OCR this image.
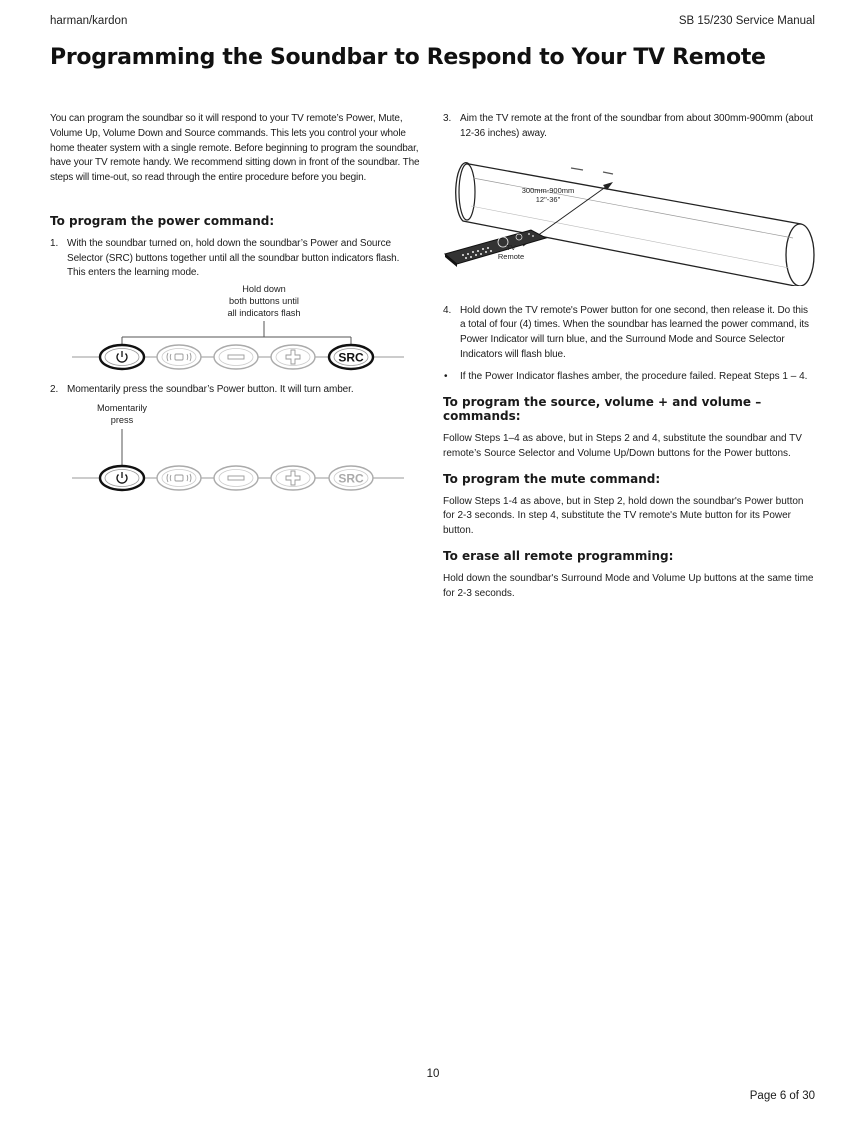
harman/kardon	SB 15/230 Service Manual
Programming the Soundbar to Respond to Your TV Remote

You can program the soundbar so it will respond to your TV remote’s Power, Mute, Volume Up, Volume Down and Source commands. This lets you control your whole home theater system with a single remote. Before beginning to program the soundbar, have your TV remote handy. We recommend sitting down in front of the soundbar. The steps will time-out, so read through the entire procedure before you begin.

To program the power command:
1. With the soundbar turned on, hold down the soundbar’s Power and Source Selector (SRC) buttons together until all the soundbar button indicators flash. This enters the learning mode.
Hold down
both buttons until
all indicators flash
SRC
2. Momentarily press the soundbar’s Power button. It will turn amber.
Momentarily
press
SRC
3. Aim the TV remote at the front of the soundbar from about 300mm-900mm (about 12-36 inches) away.
300mm-900mm
12"-36"
TV
Remote
4. Hold down the TV remote's Power button for one second, then release it. Do this a total of four (4) times. When the soundbar has learned the power command, its Power Indicator will turn blue, and the Surround Mode and Source Selector Indicators will flash blue.
• If the Power Indicator flashes amber, the procedure failed. Repeat Steps 1 – 4.
To program the source, volume + and volume – commands:

Follow Steps 1–4 as above, but in Steps 2 and 4, substitute the soundbar and TV remote’s Source Selector and Volume Up/Down buttons for the Power buttons.

To program the mute command:

Follow Steps 1-4 as above, but in Step 2, hold down the soundbar's Power button for 2-3 seconds. In step 4, substitute the TV remote's Mute button for its Power button.

To erase all remote programming:

Hold down the soundbar's Surround Mode and Volume Up buttons at the same time for 2-3 seconds.

10
Page 6 of 30
